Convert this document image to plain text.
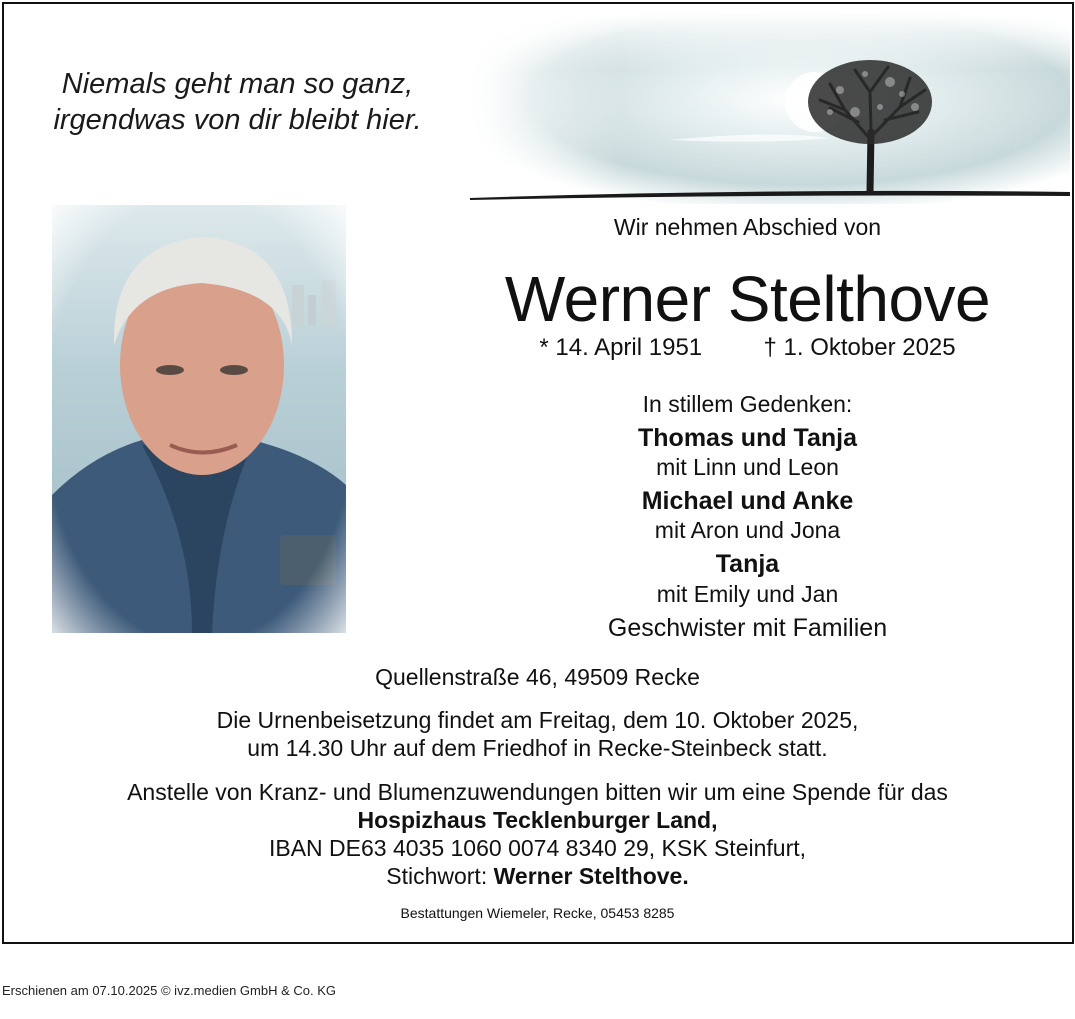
Niemals geht man so ganz,
irgendwas von dir bleibt hier.
Wir nehmen Abschied von
Werner Stelthove
* 14. April 1951	† 1. Oktober 2025
In stillem Gedenken:
Thomas und Tanja
mit Linn und Leon
Michael und Anke
mit Aron und Jona
Tanja
mit Emily und Jan
Geschwister mit Familien
Quellenstraße 46, 49509 Recke
Die Urnenbeisetzung findet am Freitag, dem 10. Oktober 2025,
um 14.30 Uhr auf dem Friedhof in Recke-Steinbeck statt.
Anstelle von Kranz- und Blumenzuwendungen bitten wir um eine Spende für das
Hospizhaus Tecklenburger Land,
IBAN DE63 4035 1060 0074 8340 29, KSK Steinfurt,
Stichwort: Werner Stelthove.
Bestattungen Wiemeler, Recke, 05453 8285
Erschienen am 07.10.2025 © ivz.medien GmbH & Co. KG
